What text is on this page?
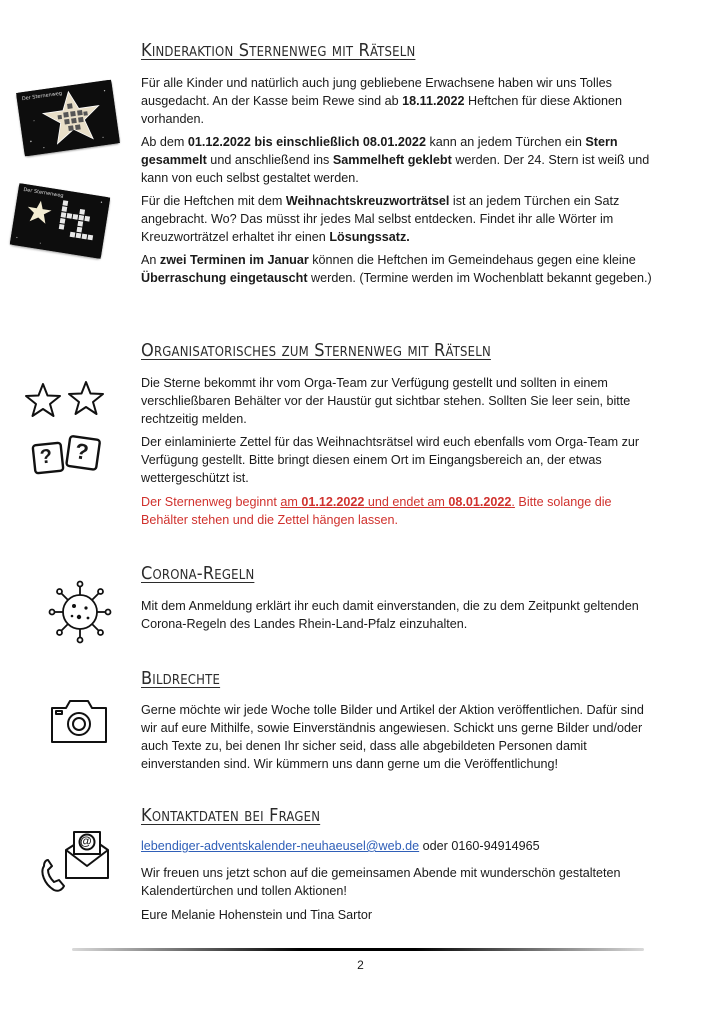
Kinderaktion Sternenweg mit Rätseln
Der Sternenweg
Der Sternenweg

Für alle Kinder und natürlich auch jung gebliebene Erwachsene haben wir uns Tolles ausgedacht. An der Kasse beim Rewe sind ab 18.11.2022 Heftchen für diese Aktionen vorhanden.

Ab dem 01.12.2022 bis einschließlich 08.01.2022 kann an jedem Türchen ein Stern gesammelt und anschließend ins Sammelheft geklebt werden. Der 24. Stern ist weiß und kann von euch selbst gestaltet werden.

Für die Heftchen mit dem Weihnachtskreuzworträtsel ist an jedem Türchen ein Satz angebracht. Wo? Das müsst ihr jedes Mal selbst entdecken. Findet ihr alle Wörter im Kreuzworträtzel erhaltet ihr einen Lösungssatz.

An zwei Terminen im Januar können die Heftchen im Gemeindehaus gegen eine kleine Überraschung eingetauscht werden. (Termine werden im Wochenblatt bekannt gegeben.)

Organisatorisches zum Sternenweg mit Rätseln
? ?

Die Sterne bekommt ihr vom Orga-Team zur Verfügung gestellt und sollten in einem verschließbaren Behälter vor der Haustür gut sichtbar stehen. Sollten Sie leer sein, bitte rechtzeitig melden.

Der einlaminierte Zettel für das Weihnachtsrätsel wird euch ebenfalls vom Orga-Team zur Verfügung gestellt. Bitte bringt diesen einem Ort im Eingangsbereich an, der etwas wettergeschützt ist.

Der Sternenweg beginnt am 01.12.2022 und endet am 08.01.2022. Bitte solange die Behälter stehen und die Zettel hängen lassen.

Corona-Regeln

Mit dem Anmeldung erklärt ihr euch damit einverstanden, die zu dem Zeitpunkt geltenden Corona-Regeln des Landes Rhein-Land-Pfalz einzuhalten.

Bildrechte

Gerne möchte wir jede Woche tolle Bilder und Artikel der Aktion veröffentlichen. Dafür sind wir auf eure Mithilfe, sowie Einverständnis angewiesen. Schickt uns gerne Bilder und/oder auch Texte zu, bei denen Ihr sicher seid, dass alle abgebildeten Personen damit einverstanden sind. Wir kümmern uns dann gerne um die Veröffentlichung!

Kontaktdaten bei Fragen
@	lebendiger-adventskalender-neuhaeusel@web.de oder 0160-94914965

Wir freuen uns jetzt schon auf die gemeinsamen Abende mit wunderschön gestalteten Kalendertürchen und tollen Aktionen!

Eure Melanie Hohenstein und Tina Sartor

2
